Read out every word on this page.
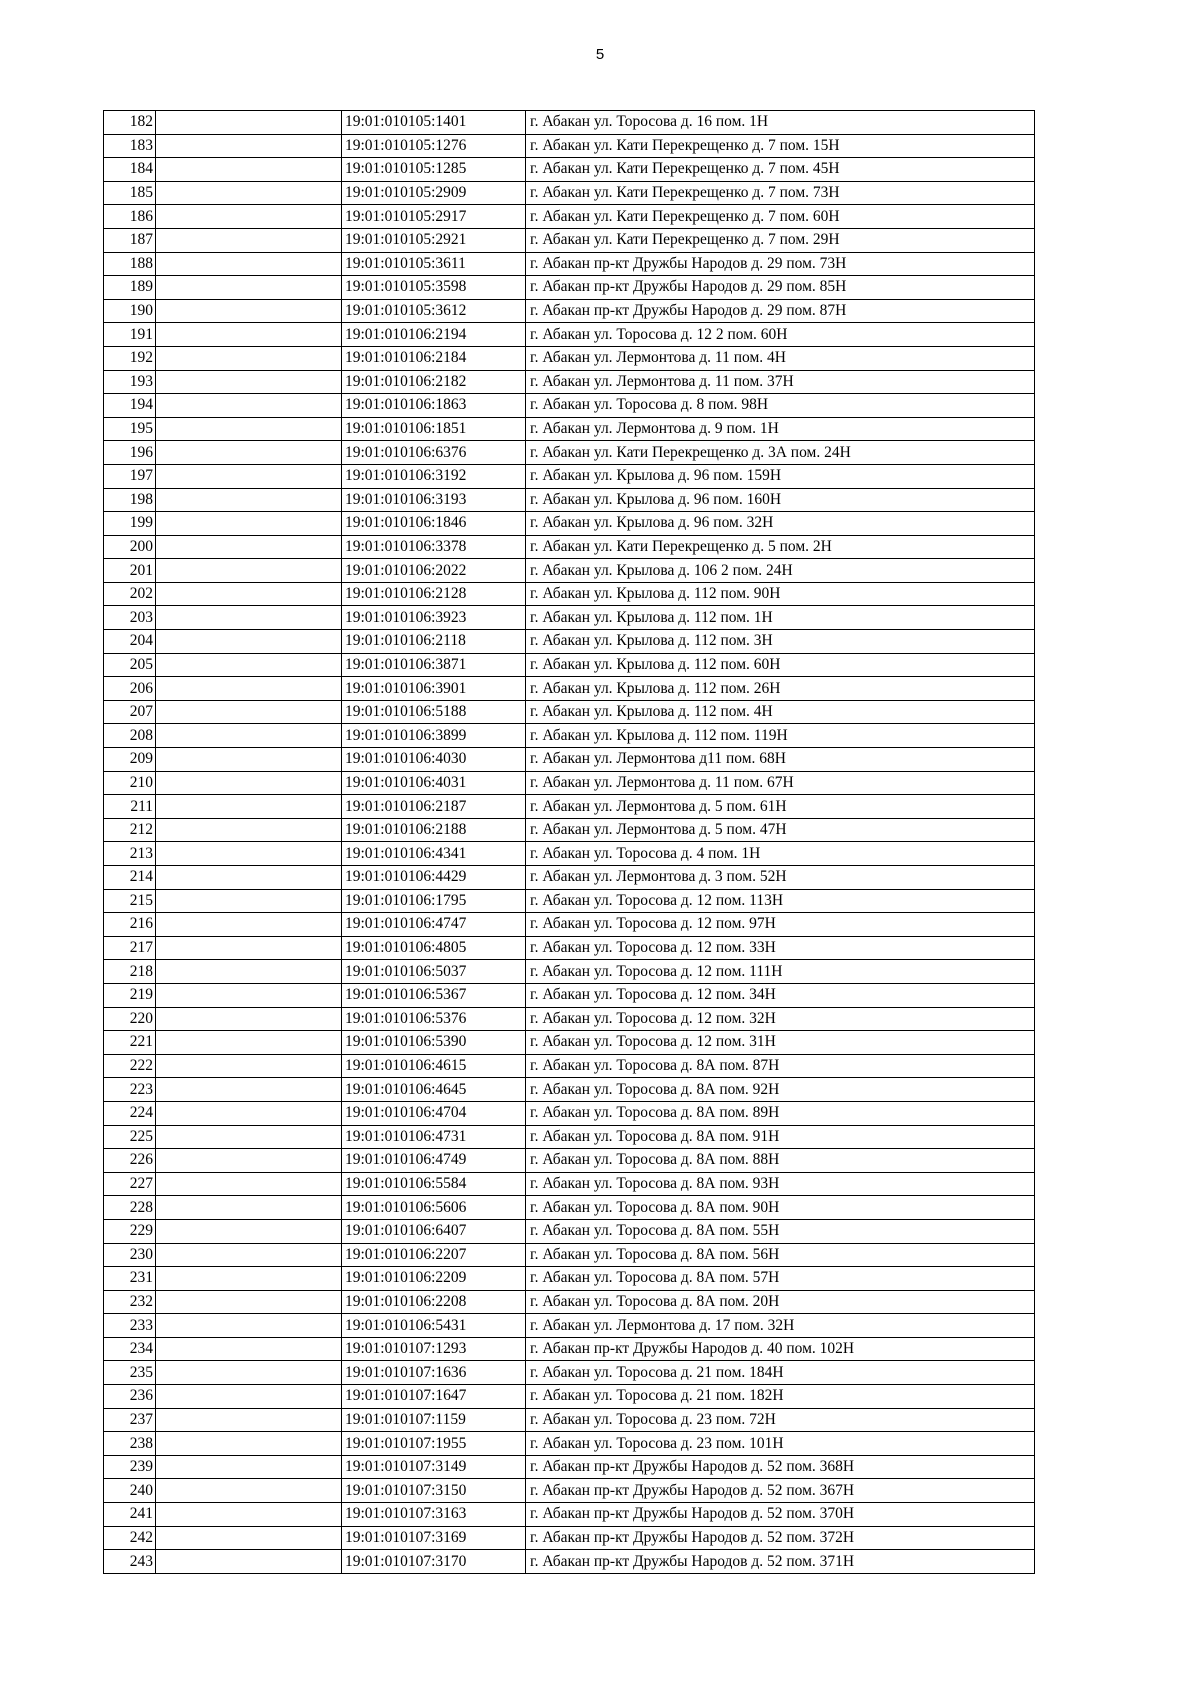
5
182		19:01:010105:1401	г. Абакан ул. Торосова д. 16 пом. 1Н
183		19:01:010105:1276	г. Абакан ул. Кати Перекрещенко д. 7 пом. 15Н
184		19:01:010105:1285	г. Абакан ул. Кати Перекрещенко д. 7 пом. 45Н
185		19:01:010105:2909	г. Абакан ул. Кати Перекрещенко д. 7 пом. 73Н
186		19:01:010105:2917	г. Абакан ул. Кати Перекрещенко д. 7 пом. 60Н
187		19:01:010105:2921	г. Абакан ул. Кати Перекрещенко д. 7 пом. 29Н
188		19:01:010105:3611	г. Абакан пр-кт Дружбы Народов д. 29 пом. 73Н
189		19:01:010105:3598	г. Абакан пр-кт Дружбы Народов д. 29 пом. 85Н
190		19:01:010105:3612	г. Абакан пр-кт Дружбы Народов д. 29 пом. 87Н
191		19:01:010106:2194	г. Абакан ул. Торосова д. 12 2 пом. 60Н
192		19:01:010106:2184	г. Абакан ул. Лермонтова д. 11 пом. 4Н
193		19:01:010106:2182	г. Абакан ул. Лермонтова д. 11 пом. 37Н
194		19:01:010106:1863	г. Абакан ул. Торосова д. 8 пом. 98Н
195		19:01:010106:1851	г. Абакан ул. Лермонтова д. 9 пом. 1Н
196		19:01:010106:6376	г. Абакан ул. Кати Перекрещенко д. 3А пом. 24Н
197		19:01:010106:3192	г. Абакан ул. Крылова д. 96 пом. 159Н
198		19:01:010106:3193	г. Абакан ул. Крылова д. 96 пом. 160Н
199		19:01:010106:1846	г. Абакан ул. Крылова д. 96 пом. 32Н
200		19:01:010106:3378	г. Абакан ул. Кати Перекрещенко д. 5 пом. 2Н
201		19:01:010106:2022	г. Абакан ул. Крылова д. 106 2 пом. 24Н
202		19:01:010106:2128	г. Абакан ул. Крылова д. 112 пом. 90Н
203		19:01:010106:3923	г. Абакан ул. Крылова д. 112 пом. 1Н
204		19:01:010106:2118	г. Абакан ул. Крылова д. 112 пом. 3Н
205		19:01:010106:3871	г. Абакан ул. Крылова д. 112 пом. 60Н
206		19:01:010106:3901	г. Абакан ул. Крылова д. 112 пом. 26Н
207		19:01:010106:5188	г. Абакан ул. Крылова д. 112 пом. 4Н
208		19:01:010106:3899	г. Абакан ул. Крылова д. 112 пом. 119Н
209		19:01:010106:4030	г. Абакан ул. Лермонтова д11 пом. 68Н
210		19:01:010106:4031	г. Абакан ул. Лермонтова д. 11 пом. 67Н
211		19:01:010106:2187	г. Абакан ул. Лермонтова д. 5 пом. 61Н
212		19:01:010106:2188	г. Абакан ул. Лермонтова д. 5 пом. 47Н
213		19:01:010106:4341	г. Абакан ул. Торосова д. 4 пом. 1Н
214		19:01:010106:4429	г. Абакан ул. Лермонтова д. 3 пом. 52Н
215		19:01:010106:1795	г. Абакан ул. Торосова д. 12 пом. 113Н
216		19:01:010106:4747	г. Абакан ул. Торосова д. 12 пом. 97Н
217		19:01:010106:4805	г. Абакан ул. Торосова д. 12 пом. 33Н
218		19:01:010106:5037	г. Абакан ул. Торосова д. 12 пом. 111Н
219		19:01:010106:5367	г. Абакан ул. Торосова д. 12 пом. 34Н
220		19:01:010106:5376	г. Абакан ул. Торосова д. 12 пом. 32Н
221		19:01:010106:5390	г. Абакан ул. Торосова д. 12 пом. 31Н
222		19:01:010106:4615	г. Абакан ул. Торосова д. 8А пом. 87Н
223		19:01:010106:4645	г. Абакан ул. Торосова д. 8А пом. 92Н
224		19:01:010106:4704	г. Абакан ул. Торосова д. 8А пом. 89Н
225		19:01:010106:4731	г. Абакан ул. Торосова д. 8А пом. 91Н
226		19:01:010106:4749	г. Абакан ул. Торосова д. 8А пом. 88Н
227		19:01:010106:5584	г. Абакан ул. Торосова д. 8А пом. 93Н
228		19:01:010106:5606	г. Абакан ул. Торосова д. 8А пом. 90Н
229		19:01:010106:6407	г. Абакан ул. Торосова д. 8А пом. 55Н
230		19:01:010106:2207	г. Абакан ул. Торосова д. 8А пом. 56Н
231		19:01:010106:2209	г. Абакан ул. Торосова д. 8А пом. 57Н
232		19:01:010106:2208	г. Абакан ул. Торосова д. 8А пом. 20Н
233		19:01:010106:5431	г. Абакан ул. Лермонтова д. 17 пом. 32Н
234		19:01:010107:1293	г. Абакан пр-кт Дружбы Народов д. 40 пом. 102Н
235		19:01:010107:1636	г. Абакан ул. Торосова д. 21 пом. 184Н
236		19:01:010107:1647	г. Абакан ул. Торосова д. 21 пом. 182Н
237		19:01:010107:1159	г. Абакан ул. Торосова д. 23 пом. 72Н
238		19:01:010107:1955	г. Абакан ул. Торосова д. 23 пом. 101Н
239		19:01:010107:3149	г. Абакан пр-кт Дружбы Народов д. 52 пом. 368Н
240		19:01:010107:3150	г. Абакан пр-кт Дружбы Народов д. 52 пом. 367Н
241		19:01:010107:3163	г. Абакан пр-кт Дружбы Народов д. 52 пом. 370Н
242		19:01:010107:3169	г. Абакан пр-кт Дружбы Народов д. 52 пом. 372Н
243		19:01:010107:3170	г. Абакан пр-кт Дружбы Народов д. 52 пом. 371Н
